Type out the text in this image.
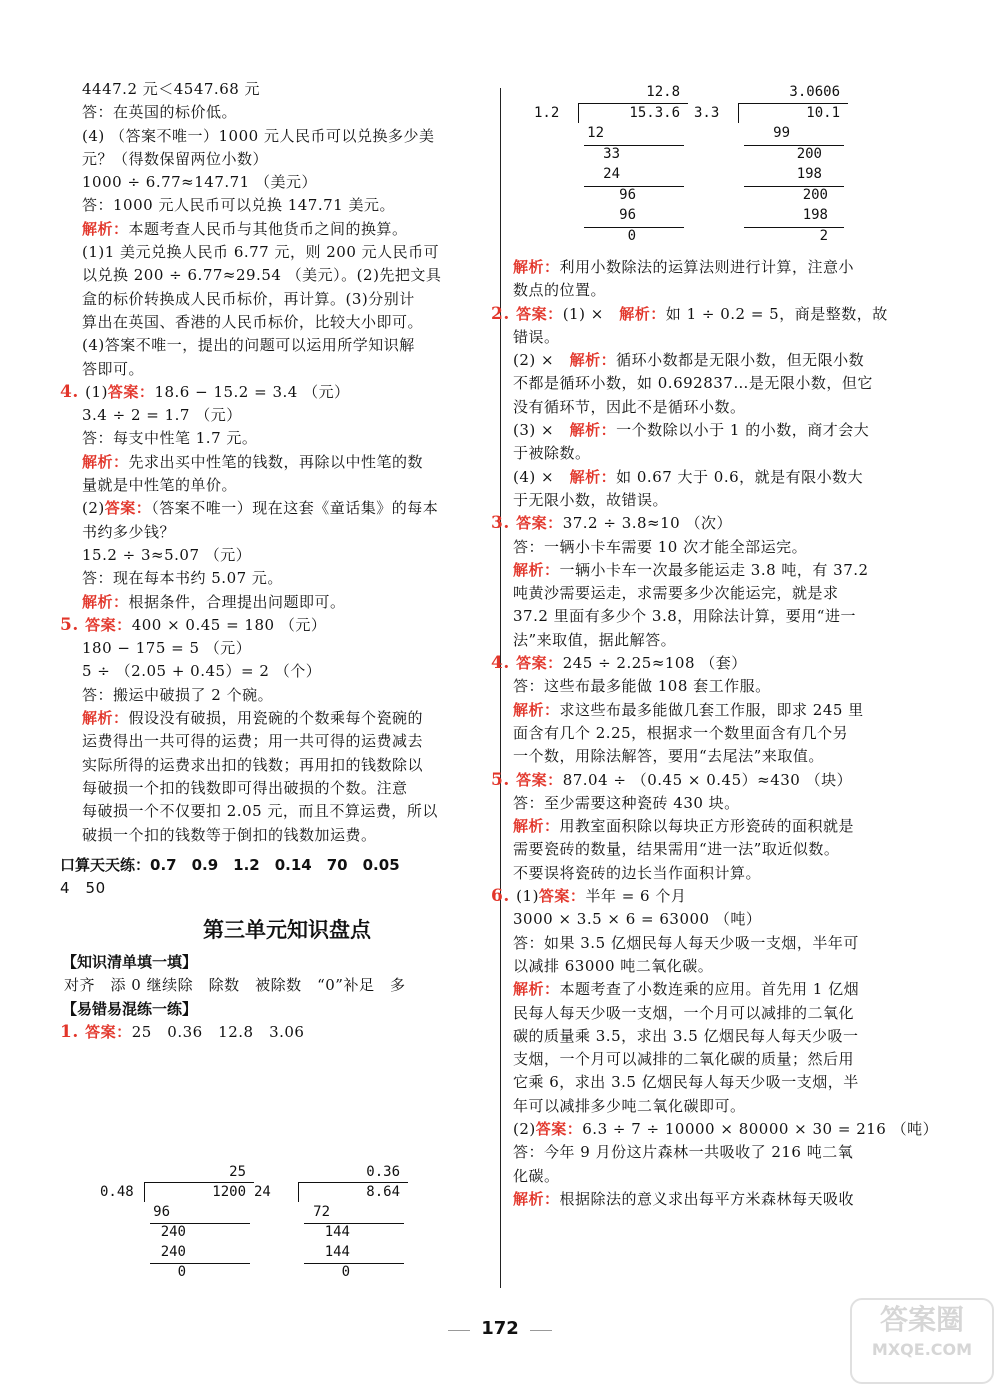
4447.2 元＜4547.68 元
答：在英国的标价低。
(4) （答案不唯一）1000 元人民币可以兑换多少美
元？（得数保留两位小数）
1000 ÷ 6.77≈147.71 （美元）
答：1000 元人民币可以兑换 147.71 美元。
解析：本题考查人民币与其他货币之间的换算。
(1)1 美元兑换人民币 6.77 元，则 200 元人民币可
以兑换 200 ÷ 6.77≈29.54 （美元）。(2)先把文具
盒的标价转换成人民币标价，再计算。(3)分别计
算出在英国、香港的人民币标价，比较大小即可。
(4)答案不唯一，提出的问题可以运用所学知识解
答即可。
4. (1)答案：18.6 − 15.2 = 3.4 （元）
3.4 ÷ 2 = 1.7 （元）
答：每支中性笔 1.7 元。
解析：先求出买中性笔的钱数，再除以中性笔的数
量就是中性笔的单价。
(2)答案：（答案不唯一）现在这套《童话集》的每本
书约多少钱？
15.2 ÷ 3≈5.07 （元）
答：现在每本书约 5.07 元。
解析：根据条件，合理提出问题即可。
5. 答案：400 × 0.45 = 180 （元）
180 − 175 = 5 （元）
5 ÷ （2.05 + 0.45）= 2 （个）
答：搬运中破损了 2 个碗。
解析：假设没有破损，用瓷碗的个数乘每个瓷碗的
运费得出一共可得的运费；用一共可得的运费减去
实际所得的运费求出扣的钱数；再用扣的钱数除以
每破损一个扣的钱数即可得出破损的个数。注意
每破损一个不仅要扣 2.05 元，而且不算运费，所以
破损一个扣的钱数等于倒扣的钱数加运费。
口算天天练：0.7　0.9　1.2　0.14　70　0.05
4　50
第三单元知识盘点
【知识清单填一填】
对齐　添 0 继续除　除数　被除数　“0”补足　多
【易错易混练一练】
1. 答案：25　0.36　12.8　3.06
解析：利用小数除法的运算法则进行计算，注意小
数点的位置。
2. 答案：(1) ×　解析：如 1 ÷ 0.2 = 5，商是整数，故
错误。
(2) ×　解析：循环小数都是无限小数，但无限小数
不都是循环小数，如 0.692837…是无限小数，但它
没有循环节，因此不是循环小数。
(3) ×　解析：一个数除以小于 1 的小数，商才会大
于被除数。
(4) ×　解析：如 0.67 大于 0.6，就是有限小数大
于无限小数，故错误。
3. 答案：37.2 ÷ 3.8≈10 （次）
答：一辆小卡车需要 10 次才能全部运完。
解析：一辆小卡车一次最多能运走 3.8 吨，有 37.2
吨黄沙需要运走，求需要多少次能运完，就是求
37.2 里面有多少个 3.8，用除法计算，要用“进一
法”来取值，据此解答。
4. 答案：245 ÷ 2.25≈108 （套）
答：这些布最多能做 108 套工作服。
解析：求这些布最多能做几套工作服，即求 245 里
面含有几个 2.25，根据求一个数里面含有几个另
一个数，用除法解答，要用“去尾法”来取值。
5. 答案：87.04 ÷ （0.45 × 0.45）≈430 （块）
答：至少需要这种瓷砖 430 块。
解析：用教室面积除以每块正方形瓷砖的面积就是
需要瓷砖的数量，结果需用“进一法”取近似数。
不要误将瓷砖的边长当作面积计算。
6. (1)答案：半年 = 6 个月
3000 × 3.5 × 6 = 63000 （吨）
答：如果 3.5 亿烟民每人每天少吸一支烟，半年可
以减排 63000 吨二氧化碳。
解析：本题考查了小数连乘的应用。首先用 1 亿烟
民每人每天少吸一支烟，一个月可以减排的二氧化
碳的质量乘 3.5，求出 3.5 亿烟民每人每天少吸一
支烟，一个月可以减排的二氧化碳的质量；然后用
它乘 6，求出 3.5 亿烟民每人每天少吸一支烟，半
年可以减排多少吨二氧化碳即可。
(2)答案：6.3 ÷ 7 ÷ 10000 × 80000 × 30 = 216 （吨）
答：今年 9 月份这片森林一共吸收了 216 吨二氧
化碳。
解析：根据除法的意义求出每平方米森林每天吸收
172	答案圈
MXQE.COM
25
0.48	1200
96
240
240
0
0.36
24	8.64
72
144
144
0
12.8
1.2	15.3.6
12
33
24
96
96
0
3.0606
3.3	10.1
99
200
198
200
198
2
